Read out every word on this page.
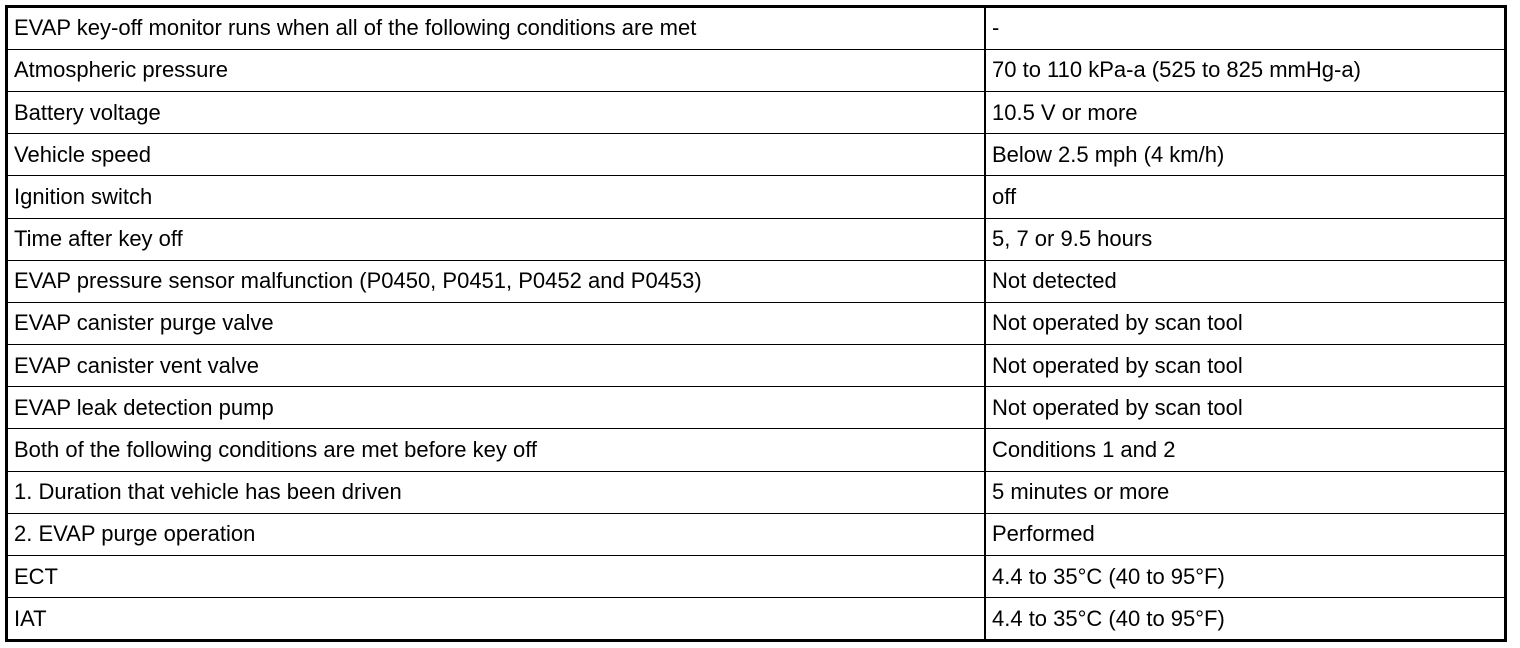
EVAP key-off monitor runs when all of the following conditions are met	-
Atmospheric pressure	70 to 110 kPa-a (525 to 825 mmHg-a)
Battery voltage	10.5 V or more
Vehicle speed	Below 2.5 mph (4 km/h)
Ignition switch	off
Time after key off	5, 7 or 9.5 hours
EVAP pressure sensor malfunction (P0450, P0451, P0452 and P0453)	Not detected
EVAP canister purge valve	Not operated by scan tool
EVAP canister vent valve	Not operated by scan tool
EVAP leak detection pump	Not operated by scan tool
Both of the following conditions are met before key off	Conditions 1 and 2
1. Duration that vehicle has been driven	5 minutes or more
2. EVAP purge operation	Performed
ECT	4.4 to 35°C (40 to 95°F)
IAT	4.4 to 35°C (40 to 95°F)
